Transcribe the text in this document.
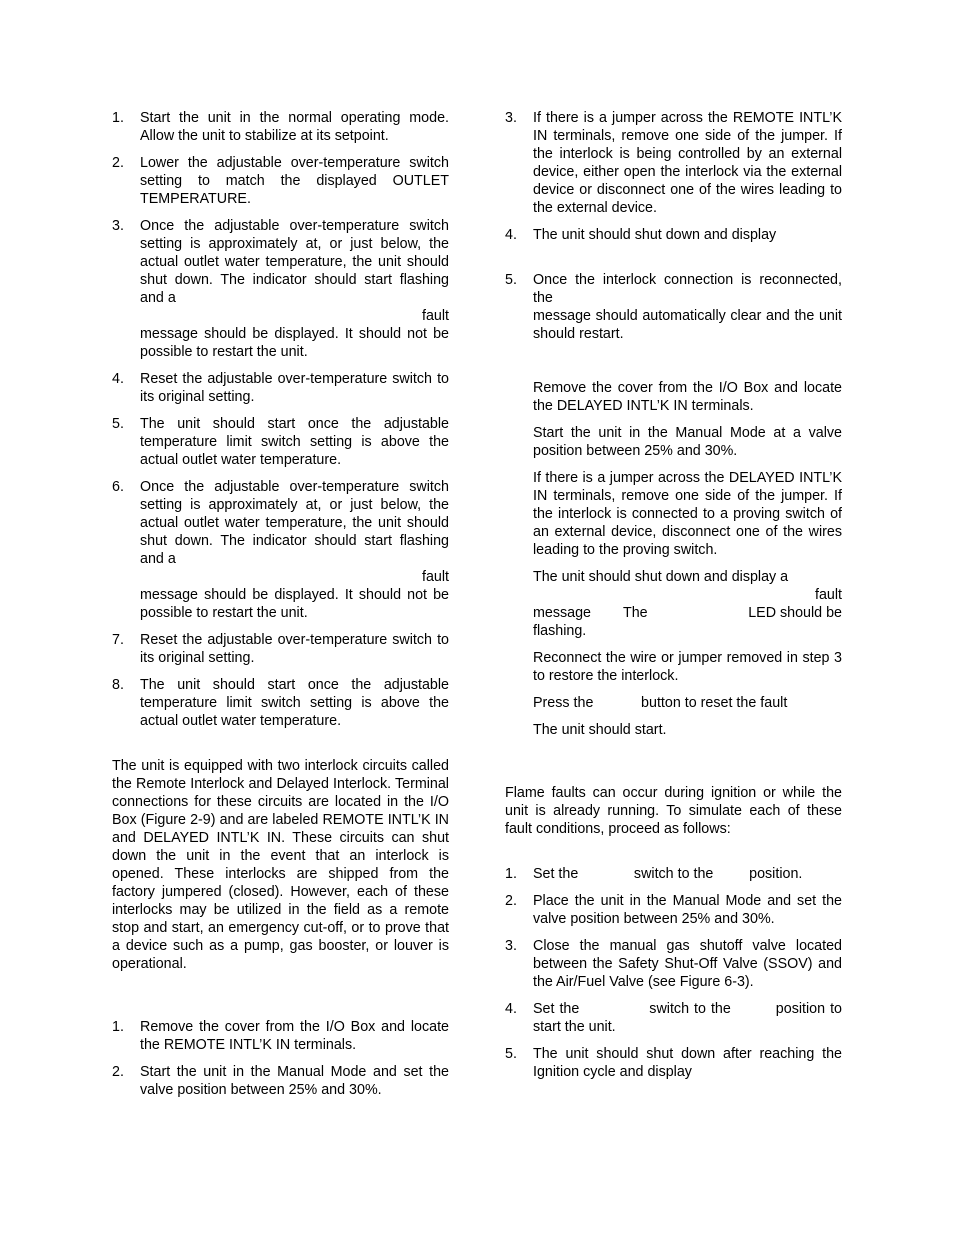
1. Start the unit in the normal operating mode. Allow the unit to stabilize at its setpoint.
2. Lower the adjustable over-temperature switch setting to match the displayed OUTLET TEMPERATURE.
3. Once the adjustable over-temperature switch setting is approximately at, or just below, the actual outlet water temperature, the unit should shut down. The indicator should start flashing and a
fault
message should be displayed. It should not be possible to restart the unit.
4. Reset the adjustable over-temperature switch to its original setting.
5. The unit should start once the adjustable temperature limit switch setting is above the actual outlet water temperature.
6. Once the adjustable over-temperature switch setting is approximately at, or just below, the actual outlet water temperature, the unit should shut down. The indicator should start flashing and a
fault
message should be displayed. It should not be possible to restart the unit.
7. Reset the adjustable over-temperature switch to its original setting.
8. The unit should start once the adjustable temperature limit switch setting is above the actual outlet water temperature.
The unit is equipped with two interlock circuits called the Remote Interlock and Delayed Interlock. Terminal connections for these circuits are located in the I/O Box (Figure 2-9) and are labeled REMOTE INTL’K IN and DELAYED INTL’K IN. These circuits can shut down the unit in the event that an interlock is opened. These interlocks are shipped from the factory jumpered (closed). However, each of these interlocks may be utilized in the field as a remote stop and start, an emergency cut-off, or to prove that a device such as a pump, gas booster, or louver is operational.
1. Remove the cover from the I/O Box and locate the REMOTE INTL’K IN terminals.
2. Start the unit in the Manual Mode and set the valve position between 25% and 30%.
3. If there is a jumper across the REMOTE INTL’K IN terminals, remove one side of the jumper. If the interlock is being controlled by an external device, either open the interlock via the external device or disconnect one of the wires leading to the external device.
4. The unit should shut down and display
5. Once the interlock connection is reconnected, the
message should automatically clear and the unit should restart.
Remove the cover from the I/O Box and locate the DELAYED INTL’K IN terminals.
Start the unit in the Manual Mode at a valve position between 25% and 30%.
If there is a jumper across the DELAYED INTL’K IN terminals, remove one side of the jumper. If the interlock is connected to a proving switch of an external device, disconnect one of the wires leading to the proving switch.
The unit should shut down and display a
fault
message The	LED should be
flashing.
Reconnect the wire or jumper removed in step 3 to restore the interlock.
Press the            button to reset the fault
The unit should start.
Flame faults can occur during ignition or while the unit is already running. To simulate each of these fault conditions, proceed as follows:
1. Set the              switch to the         position.
2. Place the unit in the Manual Mode and set the valve position between 25% and 30%.
3. Close the manual gas shutoff valve located between the Safety Shut-Off Valve (SSOV) and the Air/Fuel Valve (see Figure 6-3).
4. Set the              switch to the         position to start the unit.
5. The unit should shut down after reaching the Ignition cycle and display
